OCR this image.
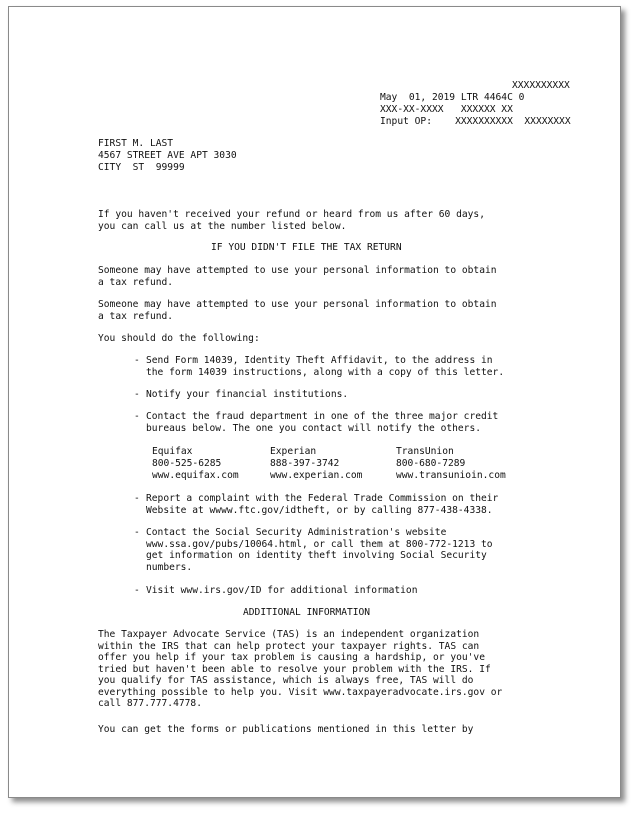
XXXXXXXXXX
May  01, 2019 LTR 4464C 0
XXX-XX-XXXX   XXXXXX XX
Input OP:    XXXXXXXXXX  XXXXXXXX
FIRST M. LAST
4567 STREET AVE APT 3030
CITY  ST  99999
If you haven't received your refund or heard from us after 60 days,
you can call us at the number listed below.
IF YOU DIDN'T FILE THE TAX RETURN
Someone may have attempted to use your personal information to obtain
a tax refund.
Someone may have attempted to use your personal information to obtain
a tax refund.
You should do the following:
- Send Form 14039, Identity Theft Affidavit, to the address in
the form 14039 instructions, along with a copy of this letter.
- Notify your financial institutions.
- Contact the fraud department in one of the three major credit
bureaus below. The one you contact will notify the others.
Equifax
800-525-6285
www.equifax.com
Experian
888-397-3742
www.experian.com
TransUnion
800-680-7289
www.transunioin.com
- Report a complaint with the Federal Trade Commission on their
Website at wwww.ftc.gov/idtheft, or by calling 877-438-4338.
- Contact the Social Security Administration's website
www.ssa.gov/pubs/10064.html, or call them at 800-772-1213 to
get information on identity theft involving Social Security
numbers.
- Visit www.irs.gov/ID for additional information
ADDITIONAL INFORMATION
The Taxpayer Advocate Service (TAS) is an independent organization
within the IRS that can help protect your taxpayer rights. TAS can
offer you help if your tax problem is causing a hardship, or you've
tried but haven't been able to resolve your problem with the IRS. If
you qualify for TAS assistance, which is always free, TAS will do
everything possible to help you. Visit www.taxpayeradvocate.irs.gov or
call 877.777.4778.
You can get the forms or publications mentioned in this letter by
